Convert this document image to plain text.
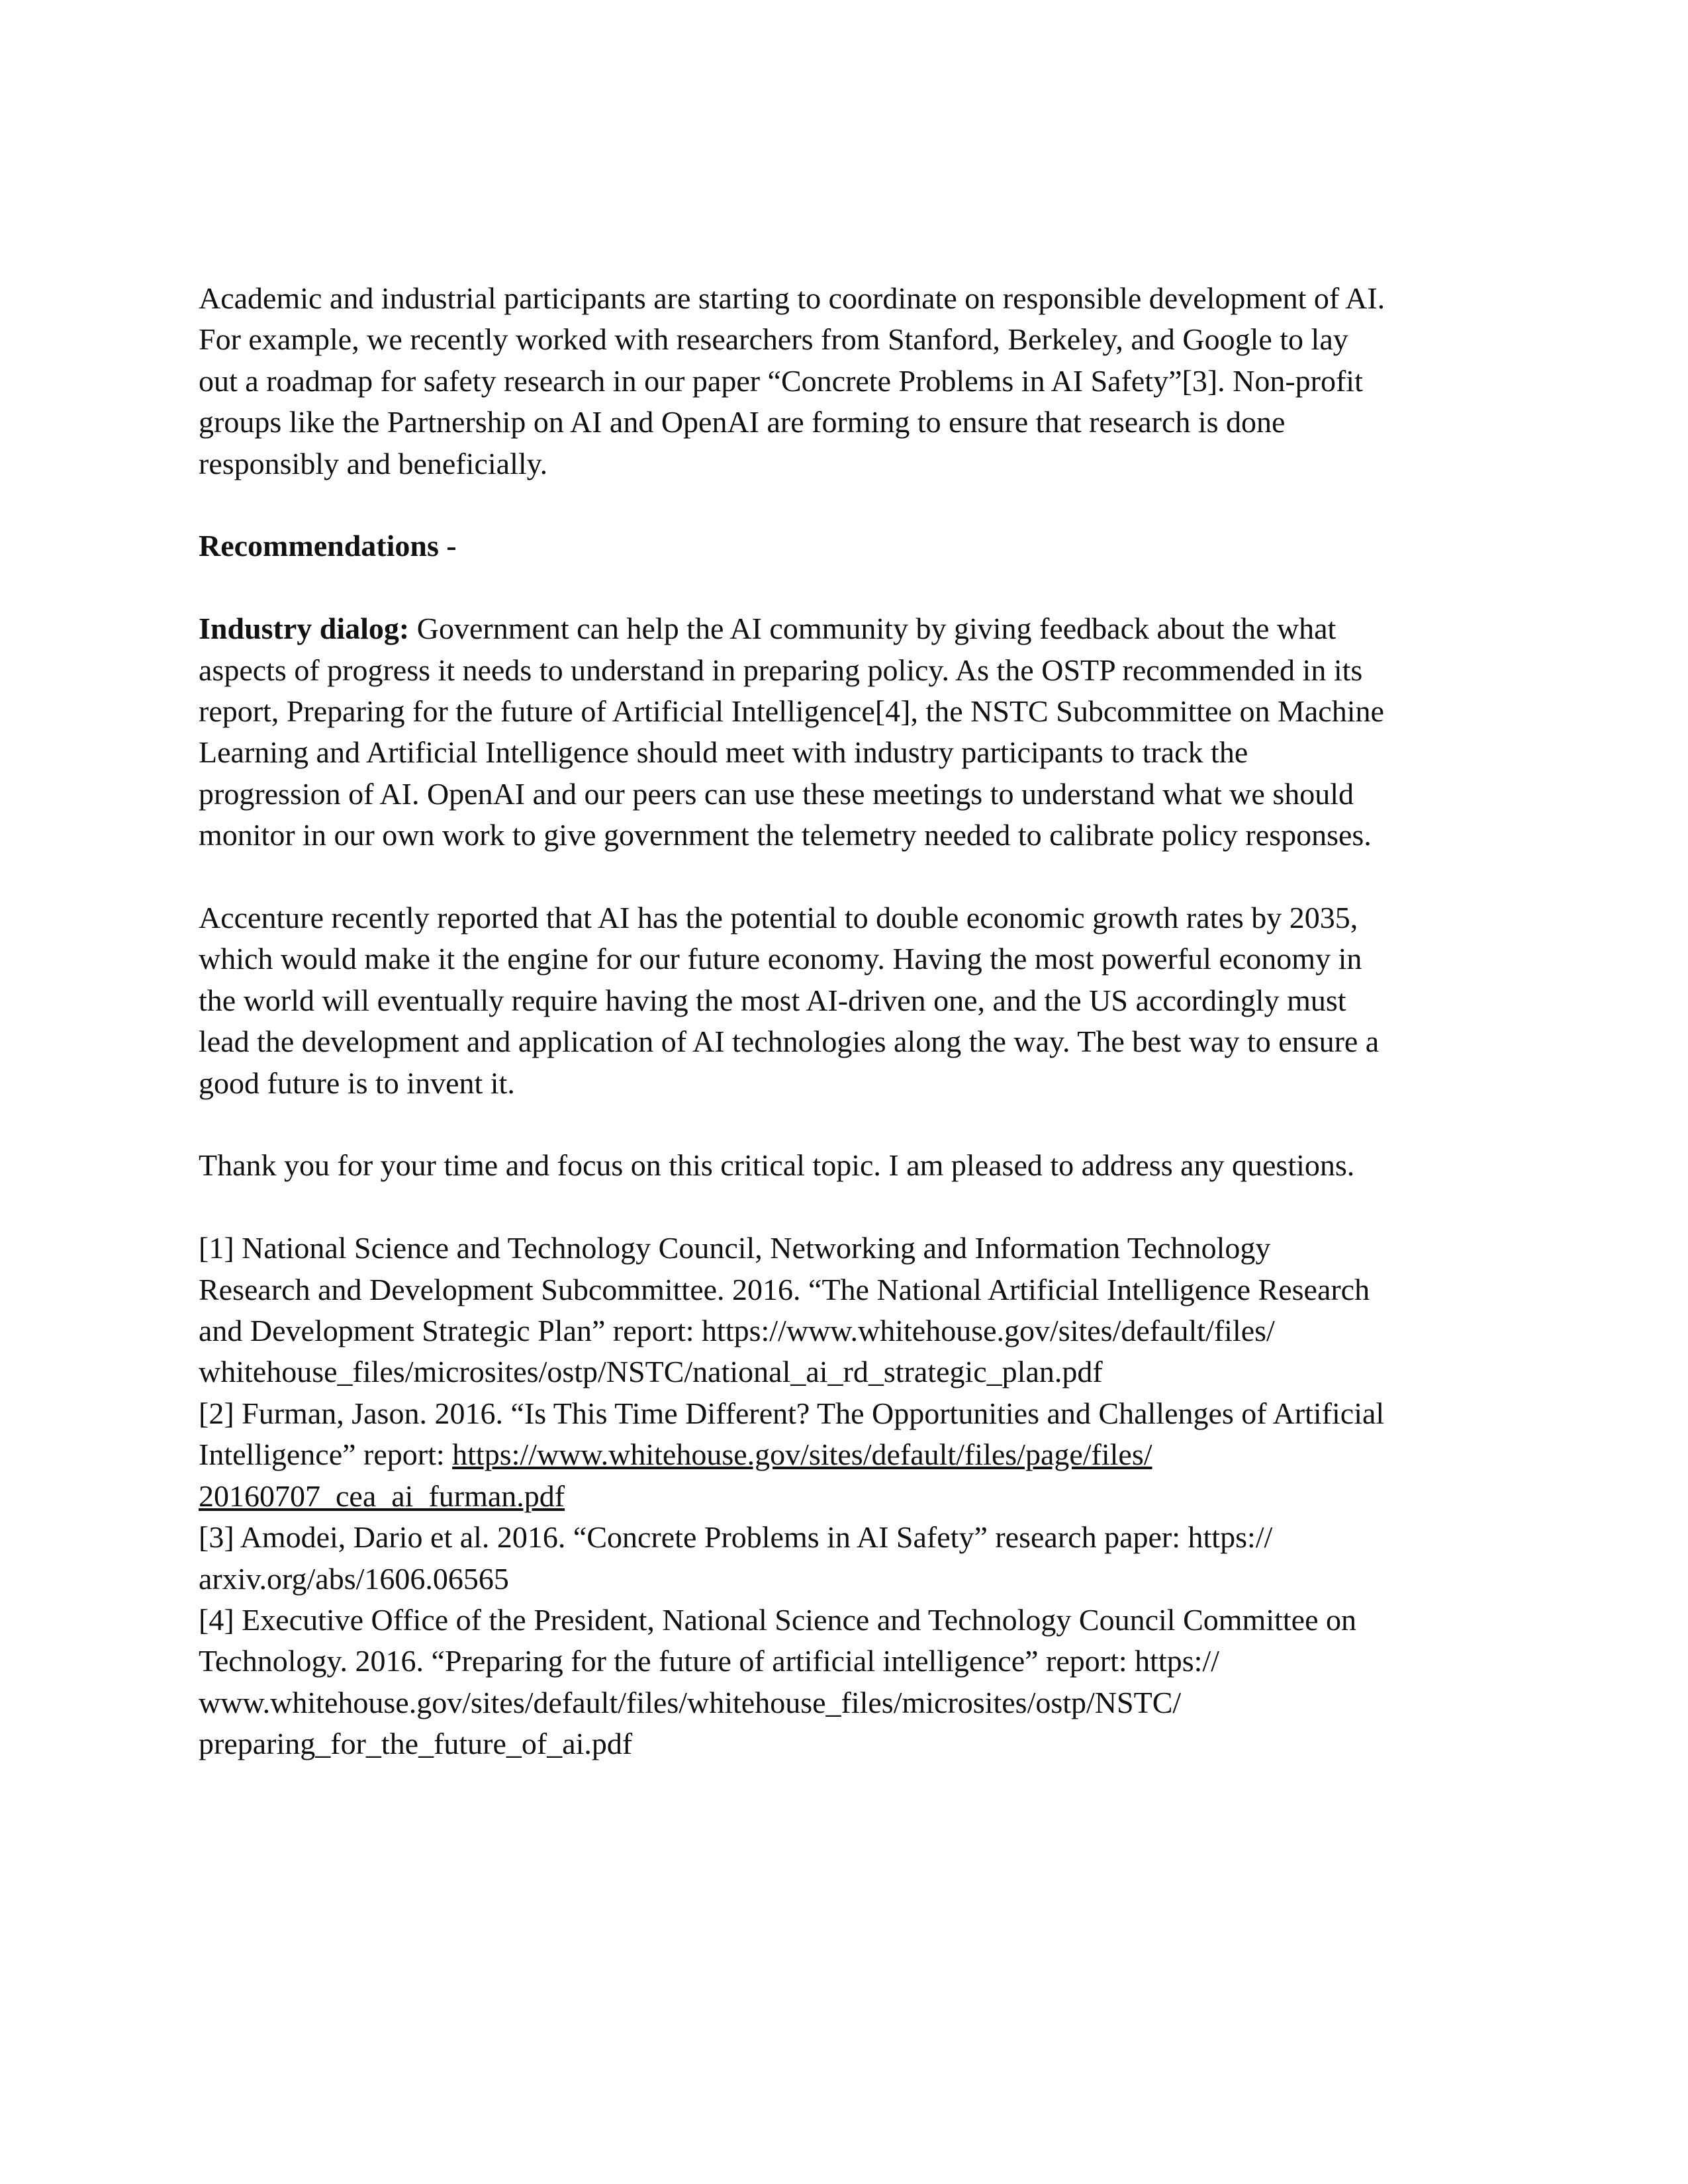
Academic and industrial participants are starting to coordinate on responsible development of AI.
For example, we recently worked with researchers from Stanford, Berkeley, and Google to lay
out a roadmap for safety research in our paper “Concrete Problems in AI Safety”[3]. Non-profit
groups like the Partnership on AI and OpenAI are forming to ensure that research is done
responsibly and beneficially.

Recommendations -

Industry dialog: Government can help the AI community by giving feedback about the what
aspects of progress it needs to understand in preparing policy. As the OSTP recommended in its
report, Preparing for the future of Artificial Intelligence[4], the NSTC Subcommittee on Machine
Learning and Artificial Intelligence should meet with industry participants to track the
progression of AI. OpenAI and our peers can use these meetings to understand what we should
monitor in our own work to give government the telemetry needed to calibrate policy responses.

Accenture recently reported that AI has the potential to double economic growth rates by 2035,
which would make it the engine for our future economy. Having the most powerful economy in
the world will eventually require having the most AI-driven one, and the US accordingly must
lead the development and application of AI technologies along the way. The best way to ensure a
good future is to invent it.

Thank you for your time and focus on this critical topic. I am pleased to address any questions.

[1] National Science and Technology Council, Networking and Information Technology
Research and Development Subcommittee. 2016. “The National Artificial Intelligence Research
and Development Strategic Plan” report: https://www.whitehouse.gov/sites/default/files/
whitehouse_files/microsites/ostp/NSTC/national_ai_rd_strategic_plan.pdf

[2] Furman, Jason. 2016. “Is This Time Different? The Opportunities and Challenges of Artificial
Intelligence” report: https://www.whitehouse.gov/sites/default/files/page/files/
20160707_cea_ai_furman.pdf

[3] Amodei, Dario et al. 2016. “Concrete Problems in AI Safety” research paper: https://
arxiv.org/abs/1606.06565

[4] Executive Office of the President, National Science and Technology Council Committee on
Technology. 2016. “Preparing for the future of artificial intelligence” report: https://
www.whitehouse.gov/sites/default/files/whitehouse_files/microsites/ostp/NSTC/
preparing_for_the_future_of_ai.pdf
